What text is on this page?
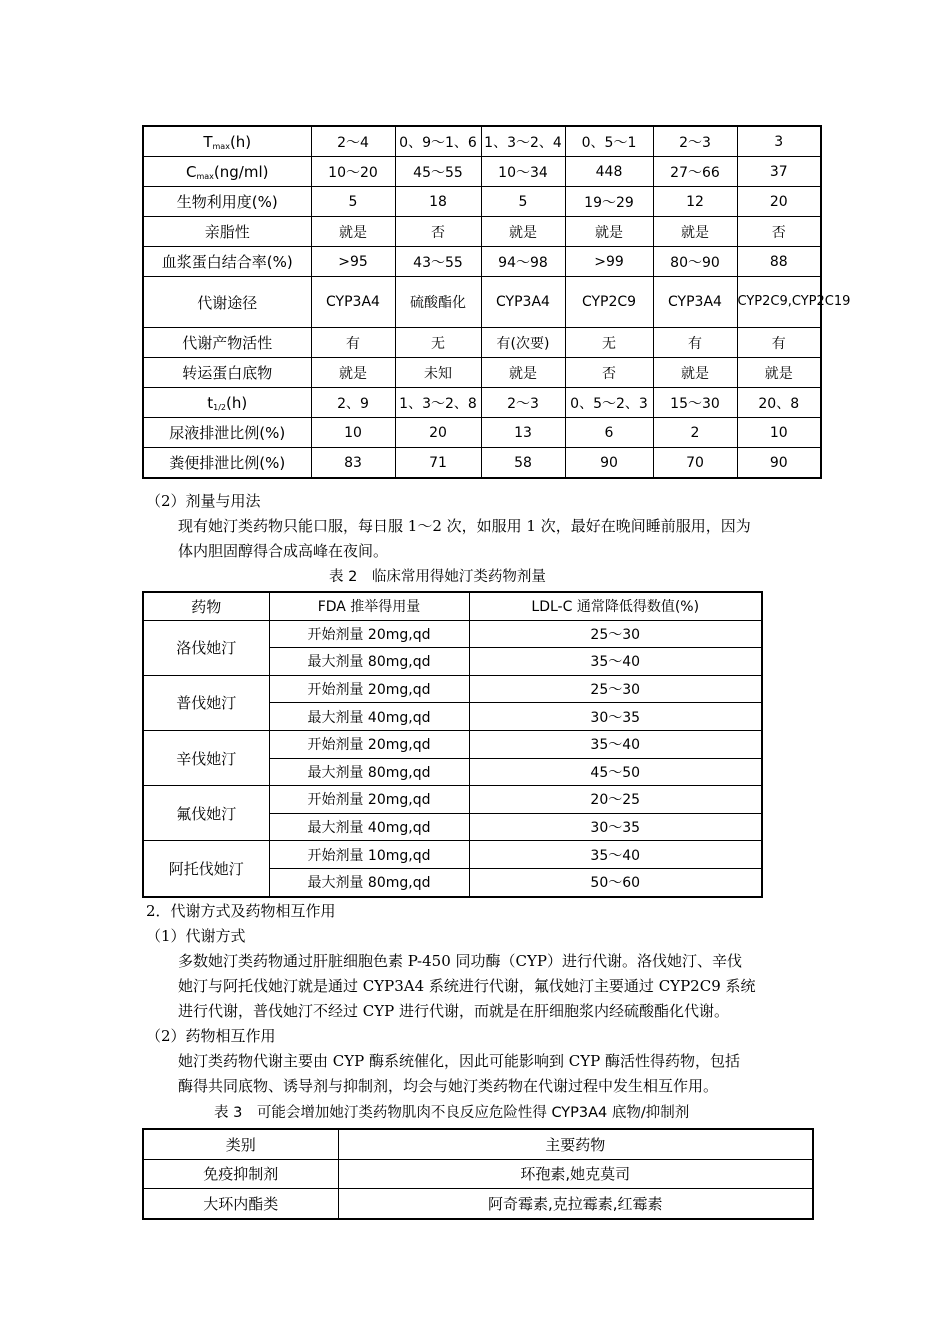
$T_{max}(h)$	2～4	0、9～1、6	1、3～2、4	0、5～1	2～3	3
$C_{max}(ng/ml)$	10～20	45～55	10～34	448	27～66	37
生物利用度(%)	5	18	5	19～29	12	20
亲脂性	就是	否	就是	就是	就是	否
血浆蛋白结合率(%)	>95	43～55	94～98	>99	80～90	88
代谢途径	CYP3A4	硫酸酯化	CYP3A4	CYP2C9	CYP3A4	CYP2C9,CYP2C19
代谢产物活性	有	无	有(次要)	无	有	有
转运蛋白底物	就是	未知	就是	否	就是	就是
$t_{1/2}(h)$	2、9	1、3～2、8	2～3	0、5～2、3	15～30	20、8
尿液排泄比例(%)	10	20	13	6	2	10
粪便排泄比例(%)	83	71	58	90	70	90
（2）剂量与用法
现有她汀类药物只能口服，每日服 1～2 次，如服用 1 次，最好在晚间睡前服用，因为
体内胆固醇得合成高峰在夜间。
表 2　临床常用得她汀类药物剂量
药物	FDA 推举得用量	LDL-C 通常降低得数值(%)
洛伐她汀	开始剂量 20mg,qd	25～30
	最大剂量 80mg,qd	35～40
普伐她汀	开始剂量 20mg,qd	25～30
	最大剂量 40mg,qd	30～35
辛伐她汀	开始剂量 20mg,qd	35～40
	最大剂量 80mg,qd	45～50
氟伐她汀	开始剂量 20mg,qd	20～25
	最大剂量 40mg,qd	30～35
阿托伐她汀	开始剂量 10mg,qd	35～40
	最大剂量 80mg,qd	50～60
2．代谢方式及药物相互作用
（1）代谢方式
多数她汀类药物通过肝脏细胞色素 P-450 同功酶（CYP）进行代谢。洛伐她汀、辛伐
她汀与阿托伐她汀就是通过 CYP3A4 系统进行代谢，氟伐她汀主要通过 CYP2C9 系统
进行代谢，普伐她汀不经过 CYP 进行代谢，而就是在肝细胞浆内经硫酸酯化代谢。
（2）药物相互作用
她汀类药物代谢主要由 CYP 酶系统催化，因此可能影响到 CYP 酶活性得药物，包括
酶得共同底物、诱导剂与抑制剂，均会与她汀类药物在代谢过程中发生相互作用。
表 3　可能会增加她汀类药物肌肉不良反应危险性得 CYP3A4 底物/抑制剂
类别	主要药物
免疫抑制剂	环孢素,她克莫司
大环内酯类	阿奇霉素,克拉霉素,红霉素
